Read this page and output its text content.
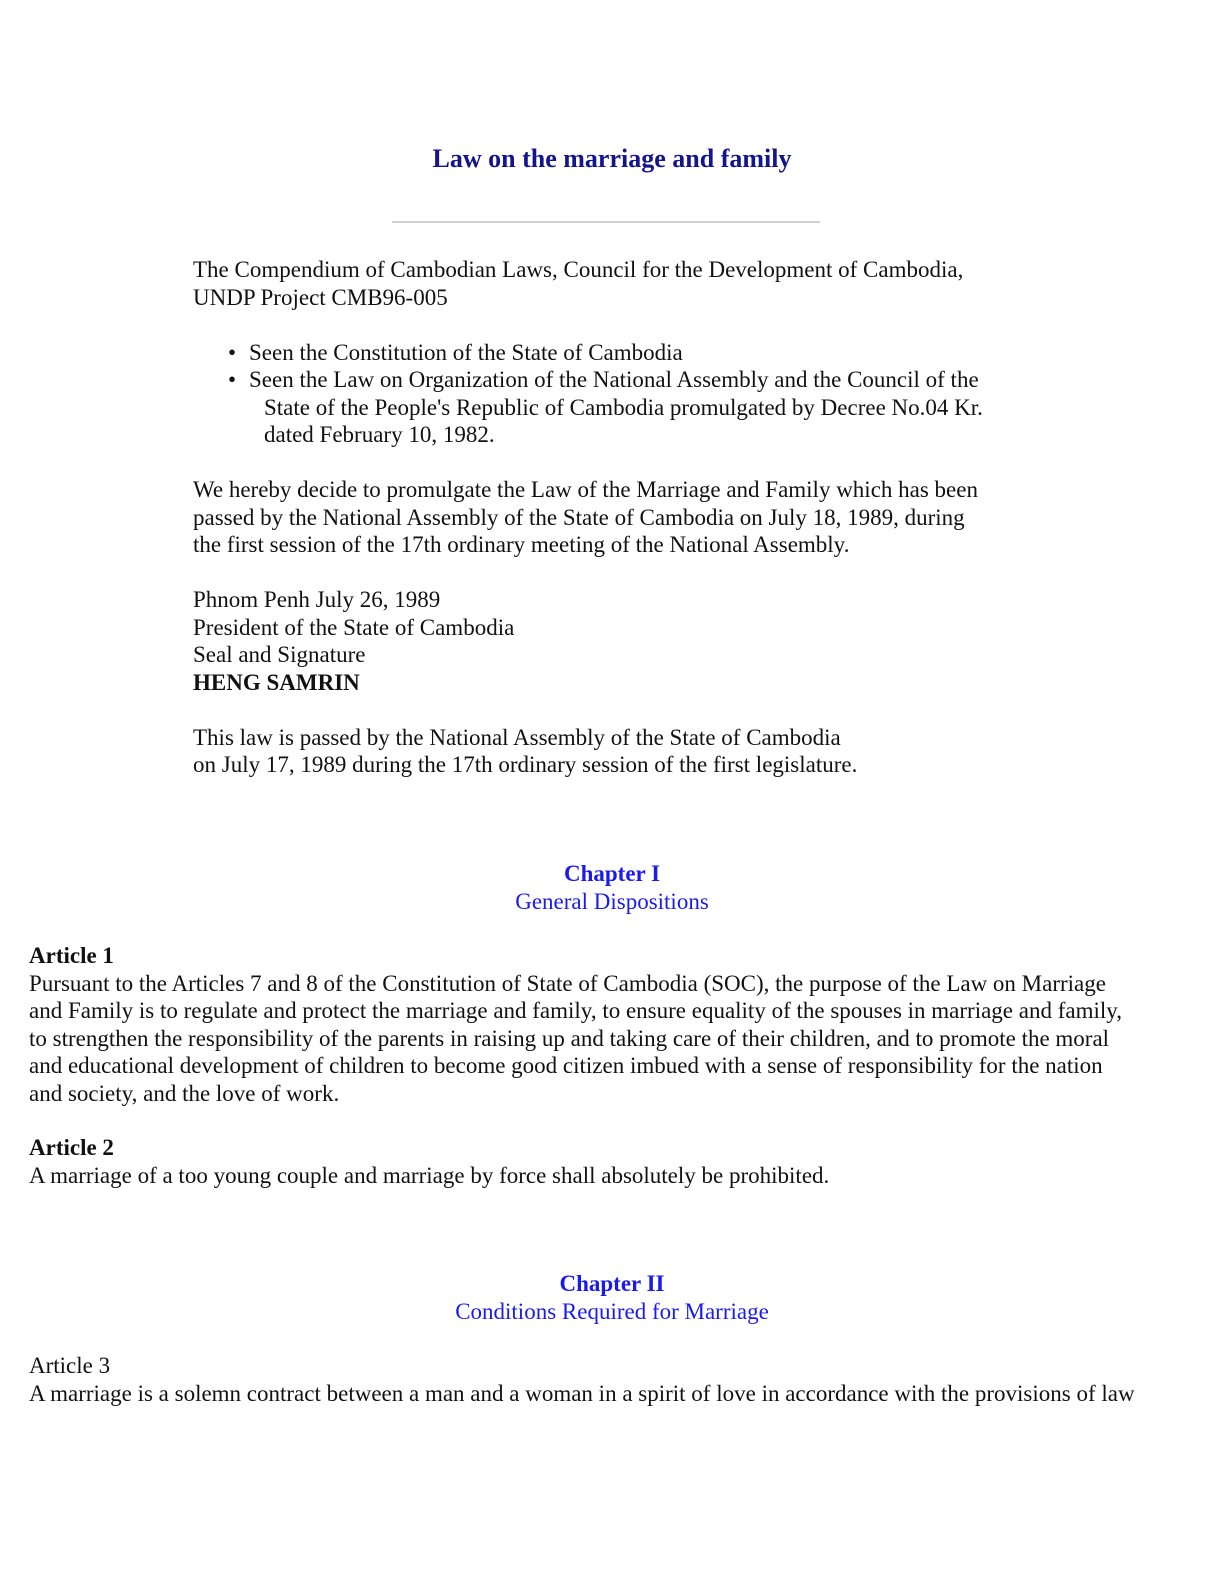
Law on the marriage and family

The Compendium of Cambodian Laws, Council for the Development of Cambodia,
UNDP Project CMB96-005

• Seen the Constitution of the State of Cambodia
• Seen the Law on Organization of the National Assembly and the Council of the
State of the People's Republic of Cambodia promulgated by Decree No.04 Kr.
dated February 10, 1982.

We hereby decide to promulgate the Law of the Marriage and Family which has been
passed by the National Assembly of the State of Cambodia on July 18, 1989, during
the first session of the 17th ordinary meeting of the National Assembly.

Phnom Penh July 26, 1989
President of the State of Cambodia
Seal and Signature
HENG SAMRIN

This law is passed by the National Assembly of the State of Cambodia
on July 17, 1989 during the 17th ordinary session of the first legislature.

Chapter I
General Dispositions
Article 1
Pursuant to the Articles 7 and 8 of the Constitution of State of Cambodia (SOC), the purpose of the Law on Marriage
and Family is to regulate and protect the marriage and family, to ensure equality of the spouses in marriage and family,
to strengthen the responsibility of the parents in raising up and taking care of their children, and to promote the moral
and educational development of children to become good citizen imbued with a sense of responsibility for the nation
and society, and the love of work.
Article 2
A marriage of a too young couple and marriage by force shall absolutely be prohibited.
Chapter II
Conditions Required for Marriage
Article 3
A marriage is a solemn contract between a man and a woman in a spirit of love in accordance with the provisions of law
